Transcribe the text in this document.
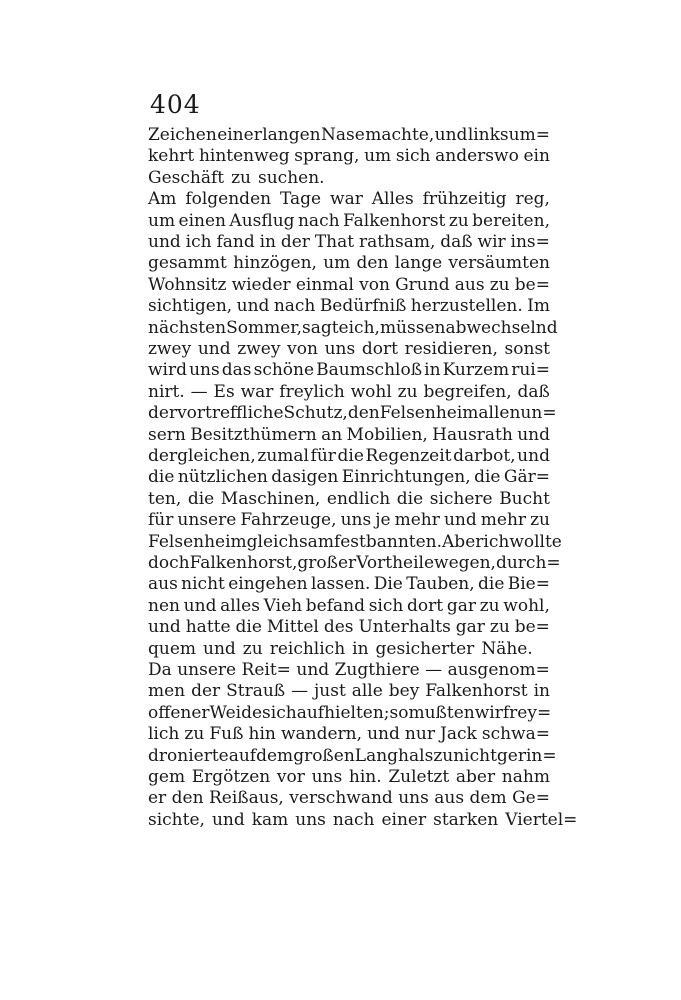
404
Zeichen einer langen Nase machte, und linksum=
kehrt hintenweg sprang, um sich anderswo ein
Geschäft zu suchen.
Am folgenden Tage war Alles frühzeitig reg,
um einen Ausflug nach Falkenhorst zu bereiten,
und ich fand in der That rathsam, daß wir ins=
gesammt hinzögen, um den lange versäumten
Wohnsitz wieder einmal von Grund aus zu be=
sichtigen, und nach Bedürfniß herzustellen. Im
nächsten Sommer, sagte ich, müssen abwechselnd
zwey und zwey von uns dort residieren, sonst
wird uns das schöne Baumschloß in Kurzem rui=
nirt. — Es war freylich wohl zu begreifen, daß
der vortreffliche Schutz, den Felsenheim allen un=
sern Besitzthümern an Mobilien, Hausrath und
dergleichen, zumal für die Regenzeit darbot, und
die nützlichen dasigen Einrichtungen, die Gär=
ten, die Maschinen, endlich die sichere Bucht
für unsere Fahrzeuge, uns je mehr und mehr zu
Felsenheim gleichsam festbannten. Aber ich wollte
doch Falkenhorst, großer Vortheile wegen, durch=
aus nicht eingehen lassen. Die Tauben, die Bie=
nen und alles Vieh befand sich dort gar zu wohl,
und hatte die Mittel des Unterhalts gar zu be=
quem und zu reichlich in gesicherter Nähe.
Da unsere Reit= und Zugthiere — ausgenom=
men der Strauß — just alle bey Falkenhorst in
offener Weide sich aufhielten; so mußten wir frey=
lich zu Fuß hin wandern, und nur Jack schwa=
dronierte auf dem großen Langhals zu nicht gerin=
gem Ergötzen vor uns hin. Zuletzt aber nahm
er den Reißaus, verschwand uns aus dem Ge=
sichte, und kam uns nach einer starken Viertel=
